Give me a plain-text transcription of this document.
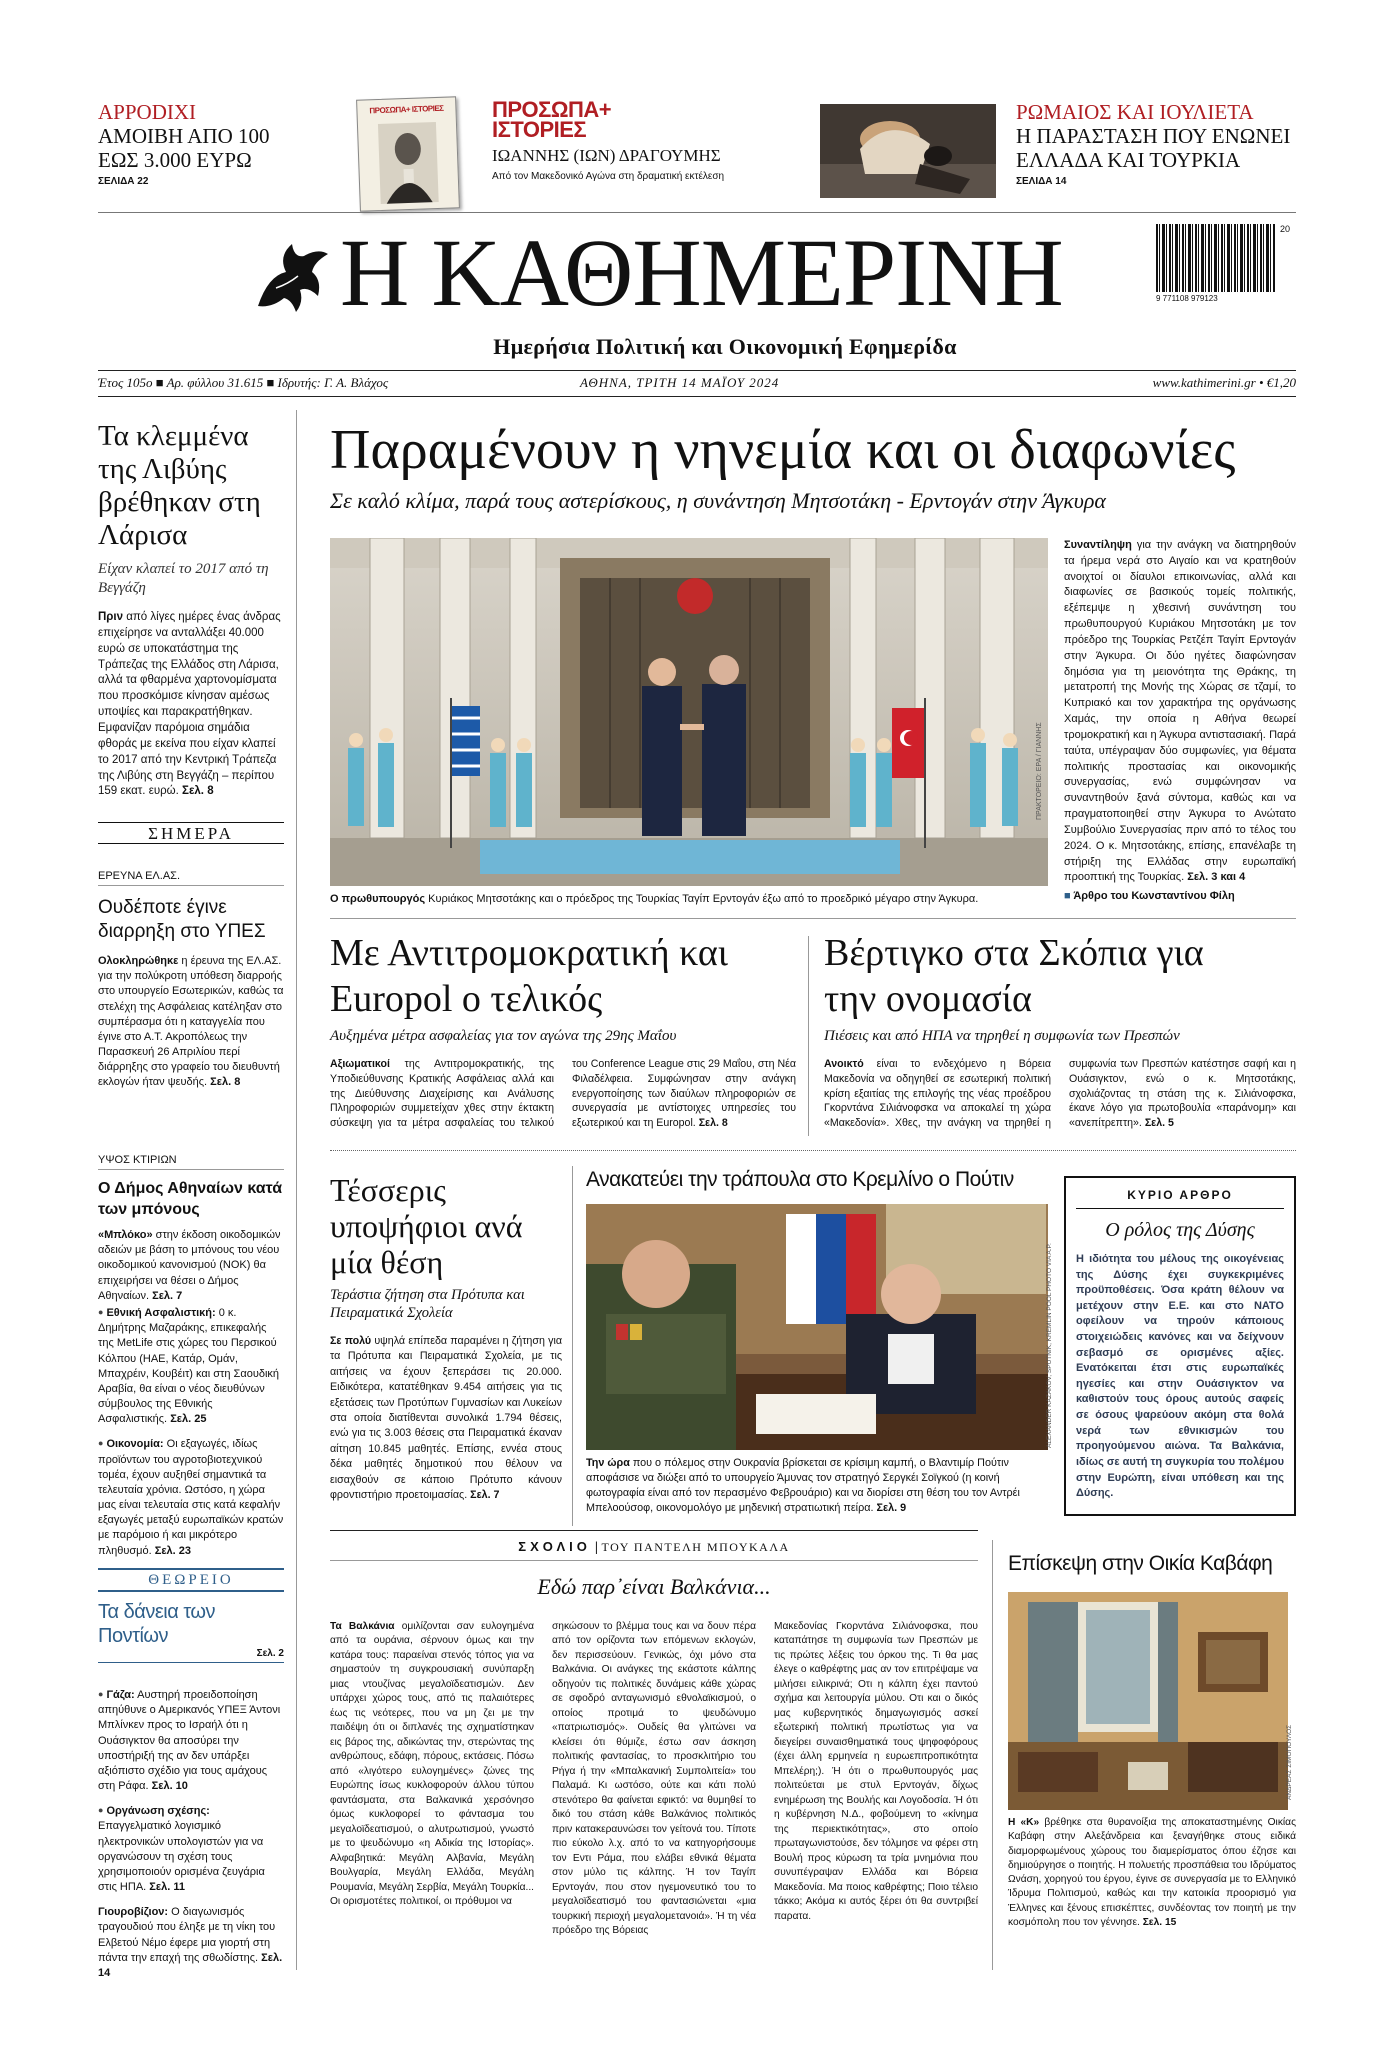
ΑΡΡΟDΙΧΙ
ΑΜΟΙΒΗ ΑΠΟ 100
ΕΩΣ 3.000 ΕΥΡΩ
ΣΕΛΙΔΑ 22
ΠΡΟΣΩΠΑ+ ΙΣΤΟΡΙΕΣ	ΠΡΟΣΩΠΑ+
ΙΣΤΟΡΙΕΣ
ΙΩΑΝΝΗΣ (ΙΩΝ) ΔΡΑΓΟΥΜΗΣ
Από τον Μακεδονικό Αγώνα στη δραματική εκτέλεση
ΡΩΜΑΙΟΣ ΚΑΙ ΙΟΥΛΙΕΤΑ
Η ΠΑΡΑΣΤΑΣΗ ΠΟΥ ΕΝΩΝΕΙ
ΕΛΛΑΔΑ ΚΑΙ ΤΟΥΡΚΙΑ
ΣΕΛΙΔΑ 14
Η ΚΑΘΗΜΕΡΙΝΗ
Ημερήσια Πολιτική και Οικονομική Εφημερίδα
9 771108 979123
20
Έτος 105ο ■ Αρ. φύλλου 31.615 ■ Ιδρυτής: Γ. Α. Βλάχος	ΑΘΗΝΑ, ΤΡΙΤΗ 14 ΜΑΪΟΥ 2024	www.kathimerini.gr • €1,20
Τα κλεμμένα της Λιβύης βρέθηκαν στη Λάρισα
Είχαν κλαπεί το 2017 από τη Βεγγάζη
Πριν από λίγες ημέρες ένας άνδρας επιχείρησε να ανταλλάξει 40.000 ευρώ σε υποκατάστημα της Τράπεζας της Ελλάδος στη Λάρισα, αλλά τα φθαρμένα χαρτονομίσματα που προσκόμισε κίνησαν αμέσως υποψίες και παρακρατήθηκαν. Εμφανίζαν παρόμοια σημάδια φθοράς με εκείνα που είχαν κλαπεί το 2017 από την Κεντρική Τράπεζα της Λιβύης στη Βεγγάζη – περίπου 159 εκατ. ευρώ. Σελ. 8
ΣΗΜΕΡΑ
ΕΡΕΥΝΑ ΕΛ.ΑΣ.
Ουδέποτε έγινε διαρρηξη στο ΥΠΕΣ
Ολοκληρώθηκε η έρευνα της ΕΛ.ΑΣ. για την πολύκροτη υπόθεση διαρροής στο υπουργείο Εσωτερικών, καθώς τα στελέχη της Ασφάλειας κατέληξαν στο συμπέρασμα ότι η καταγγελία που έγινε στο Α.Τ. Ακροπόλεως την Παρασκευή 26 Απριλίου περί διάρρηξης στο γραφείο του διευθυντή εκλογών ήταν ψευδής. Σελ. 8
ΥΨΟΣ ΚΤΙΡΙΩΝ
Ο Δήμος Αθηναίων κατά των μπόνους
«Μπλόκο» στην έκδοση οικοδομικών αδειών με βάση το μπόνους του νέου οικοδομικού κανονισμού (ΝΟΚ) θα επιχειρήσει να θέσει ο Δήμος Αθηναίων. Σελ. 7
● Εθνική Ασφαλιστική: 0 κ. Δημήτρης Μαζαράκης, επικεφαλής της MetLife στις χώρες του Περσικού Κόλπου (ΗΑΕ, Κατάρ, Ομάν, Μπαχρέιν, Κουβέιτ) και στη Σαουδική Αραβία, θα είναι ο νέος διευθύνων σύμβουλος της Εθνικής Ασφαλιστικής. Σελ. 25
● Οικονομία: Οι εξαγωγές, ιδίως προϊόντων του αγροτοβιοτεχνικού τομέα, έχουν αυξηθεί σημαντικά τα τελευταία χρόνια. Ωστόσο, η χώρα μας είναι τελευταία στις κατά κεφαλήν εξαγωγές μεταξύ ευρωπαϊκών κρατών με παρόμοιο ή και μικρότερο πληθυσμό. Σελ. 23
ΘΕΩΡΕΙΟ
Τα δάνεια των Ποντίων
Σελ. 2
● Γάζα: Αυστηρή προειδοποίηση απηύθυνε ο Αμερικανός ΥΠΕΞ Άντονι Μπλίνκεν προς το Ισραήλ ότι η Ουάσιγκτον θα αποσύρει την υποστήριξή της αν δεν υπάρξει αξιόπιστο σχέδιο για τους αμάχους στη Ράφα. Σελ. 10
● Οργάνωση σχέσης: Επαγγελματικό λογισμικό ηλεκτρονικών υπολογιστών για να οργανώσουν τη σχέση τους χρησιμοποιούν ορισμένα ζευγάρια στις ΗΠΑ. Σελ. 11
Γιουροβίζιον: Ο διαγωνισμός τραγουδιού που έληξε με τη νίκη του Ελβετού Νέμο έφερε μια γιορτή στη πάντα την επαχή της σθωδίστης. Σελ. 14
Παραμένουν η νηνεμία και οι διαφωνίες
Σε καλό κλίμα, παρά τους αστερίσκους, η συνάντηση Μητσοτάκη - Ερντογάν στην Άγκυρα
ΠΡΑΚΤΟΡΕΙΟ: EPA / ΓΙΑΝΝΗΣ
Ο πρωθυπουργός Κυριάκος Μητσοτάκης και ο πρόεδρος της Τουρκίας Ταγίπ Ερντογάν έξω από το προεδρικό μέγαρο στην Άγκυρα.
Συναντίληψη για την ανάγκη να διατηρηθούν τα ήρεμα νερά στο Αιγαίο και να κρατηθούν ανοιχτοί οι δίαυλοι επικοινωνίας, αλλά και διαφωνίες σε βασικούς τομείς πολιτικής, εξέπεμψε η χθεσινή συνάντηση του πρωθυπουργού Κυριάκου Μητσοτάκη με τον πρόεδρο της Τουρκίας Ρετζέπ Ταγίπ Ερντογάν στην Άγκυρα. Οι δύο ηγέτες διαφώνησαν δημόσια για τη μειονότητα της Θράκης, τη μετατροπή της Μονής της Χώρας σε τζαμί, το Κυπριακό και τον χαρακτήρα της οργάνωσης Χαμάς, την οποία η Αθήνα θεωρεί τρομοκρατική και η Άγκυρα αντιστασιακή. Παρά ταύτα, υπέγραψαν δύο συμφωνίες, για θέματα πολιτικής προστασίας και οικονομικής συνεργασίας, ενώ συμφώνησαν να συναντηθούν ξανά σύντομα, καθώς και να πραγματοποιηθεί στην Άγκυρα το Ανώτατο Συμβούλιο Συνεργασίας πριν από το τέλος του 2024. Ο κ. Μητσοτάκης, επίσης, επανέλαβε τη στήριξη της Ελλάδας στην ευρωπαϊκή προοπτική της Τουρκίας. Σελ. 3 και 4
■ Άρθρο του Κωνσταντίνου Φίλη
Με Αντιτρομοκρατική και Europol ο τελικός
Αυξημένα μέτρα ασφαλείας για τον αγώνα της 29ης Μαΐου
Αξιωματικοί της Αντιτρομοκρατικής, της Υποδιεύθυνσης Κρατικής Ασφάλειας αλλά και της Διεύθυνσης Διαχείρισης και Ανάλυσης Πληροφοριών συμμετείχαν χθες στην έκτακτη σύσκεψη για τα μέτρα ασφαλείας του τελικού του Conference League στις 29 Μαΐου, στη Νέα Φιλαδέλφεια. Συμφώνησαν στην ανάγκη ενεργοποίησης των διαύλων πληροφοριών σε συνεργασία με αντίστοιχες υπηρεσίες του εξωτερικού και τη Europol. Σελ. 8
Βέρτιγκο στα Σκόπια για την ονομασία
Πιέσεις και από ΗΠΑ να τηρηθεί η συμφωνία των Πρεσπών
Ανοικτό είναι το ενδεχόμενο η Βόρεια Μακεδονία να οδηγηθεί σε εσωτερική πολιτική κρίση εξαιτίας της επιλογής της νέας προέδρου Γκορντάνα Σιλιάνοφσκα να αποκαλεί τη χώρα «Μακεδονία». Χθες, την ανάγκη να τηρηθεί η συμφωνία των Πρεσπών κατέστησε σαφή και η Ουάσιγκτον, ενώ ο κ. Μητσοτάκης, σχολιάζοντας τη στάση της κ. Σιλιάνοφσκα, έκανε λόγο για πρωτοβουλία «παράνομη» και «ανεπίτρεπτη». Σελ. 5
Τέσσερις υποψήφιοι ανά μία θέση
Τεράστια ζήτηση στα Πρότυπα και Πειραματικά Σχολεία
Σε πολύ υψηλά επίπεδα παραμένει η ζήτηση για τα Πρότυπα και Πειραματικά Σχολεία, με τις αιτήσεις να έχουν ξεπεράσει τις 20.000. Ειδικότερα, κατατέθηκαν 9.454 αιτήσεις για τις εξετάσεις των Προτύπων Γυμνασίων και Λυκείων στα οποία διατίθενται συνολικά 1.794 θέσεις, ενώ για τις 3.003 θέσεις στα Πειραματικά έκαναν αίτηση 10.845 μαθητές. Επίσης, εννέα στους δέκα μαθητές δημοτικού που θέλουν να εισαχθούν σε κάποιο Πρότυπο κάνουν φροντιστήριο προετοιμασίας. Σελ. 7
Ανακατεύει την τράπουλα στο Κρεμλίνο ο Πούτιν
ALEXANDER KAZAKOV, SPUTNIK, KREMLIN POOL PHOTO VIA A.P.
Την ώρα που ο πόλεμος στην Ουκρανία βρίσκεται σε κρίσιμη καμπή, ο Βλαντιμίρ Πούτιν αποφάσισε να διώξει από το υπουργείο Άμυνας τον στρατηγό Σεργκέι Σοϊγκού (η κοινή φωτογραφία είναι από τον περασμένο Φεβρουάριο) και να διορίσει στη θέση του τον Αντρέι Μπελοούσοφ, οικονομολόγο με μηδενική στρατιωτική πείρα. Σελ. 9
ΚΥΡΙΟ ΑΡΘΡΟ
Ο ρόλος της Δύσης
Η ιδιότητα του μέλους της οικογένειας της Δύσης έχει συγκεκριμένες προϋποθέσεις. Όσα κράτη θέλουν να μετέχουν στην Ε.Ε. και στο ΝΑΤΟ οφείλουν να τηρούν κάποιους στοιχειώδεις κανόνες και να δείχνουν σεβασμό σε ορισμένες αξίες. Ενατόκειται έτσι στις ευρωπαϊκές ηγεσίες και στην Ουάσιγκτον να καθιστούν τους όρους αυτούς σαφείς σε όσους ψαρεύουν ακόμη στα θολά νερά των εθνικισμών του προηγούμενου αιώνα. Τα Βαλκάνια, ιδίως σε αυτή τη συγκυρία του πολέμου στην Ευρώπη, είναι υπόθεση και της Δύσης.
ΣΧΟΛΙΟ | ΤΟΥ ΠΑΝΤΕΛΗ ΜΠΟΥΚΑΛΑ
Εδώ παρ᾽είναι Βαλκάνια...
Τα Βαλκάνια ομιλίζονται σαν ευλογημένα από τα ουράνια, σέρνουν όμως και την κατάρα τους: παραείναι στενός τόπος για να σημαστούν τη συγκρουσιακή συνύπαρξη μιας ντουζίνας μεγαλοϊδεατισμών. Δεν υπάρχει χώρος τους, από τις παλαιότερες έως τις νεότερες, που να μη ζει με την παιδέψη ότι οι διπλανές της σχηματίστηκαν εις βάρος της, αδικώντας την, στερώντας της ανθρώπους, εδάφη, πόρους, εκτάσεις. Πόσω από «λιγότερο ευλογημένες» ζώνες της Ευρώπης ίσως κυκλοφορούν άλλου τύπου φαντάσματα, στα Βαλκανικά χερσόνησο όμως κυκλοφορεί το φάντασμα του μεγαλοϊδεατισμού, ο αλυτρωτισμού, γνωστό με το ψευδώνυμο «η Αδικία της Ιστορίας». Αλφαβητικά: Μεγάλη Αλβανία, Μεγάλη Βουλγαρία, Μεγάλη Ελλάδα, Μεγάλη Ρουμανία, Μεγάλη Σερβία, Μεγάλη Τουρκία... Οι ορισμοτέτες πολιτικοί, οι πρόθυμοι να
σηκώσουν το βλέμμα τους και να δουν πέρα από τον ορίζοντα των επόμενων εκλογών, δεν περισσεύουν. Γενικώς, όχι μόνο στα Βαλκάνια. Οι ανάγκες της εκάστοτε κάλπης οδηγούν τις πολιτικές δυνάμεις κάθε χώρας σε σφοδρό ανταγωνισμό εθνολαϊκισμού, ο οποίος προτιμά το ψευδώνυμο «πατριωτισμός». Ουδείς θα γλιτώνει να κλείσει ότι θύμιζε, έστω σαν άσκηση πολιτικής φαντασίας, το προσκλιτήριο του Ρήγα ή την «Μπαλκανική Συμπολιτεία» του Παλαμά. Κι ωστόσο, ούτε και κάτι πολύ στενότερο θα φαίνεται εφικτό: να θυμηθεί το δικό του στάση κάθε Βαλκάνιος πολιτικός πριν κατακεραυνώσει τον γείτονά του. Τίποτε πιο εύκολο λ.χ. από το να κατηγορήσουμε τον Εντι Ράμα, που ελάβει εθνικά θέματα στον μύλο τις κάλπης. Ή τον Ταγίπ Ερντογάν, που στον ηγεμονευτικό του το μεγαλοϊδεατισμό του φαντασιώνεται «μια τουρκική περιοχή μεγαλομετανοιά». Ή τη νέα πρόεδρο της Βόρειας
Μακεδονίας Γκορντάνα Σιλιάνοφσκα, που καταπάτησε τη συμφωνία των Πρεσπών με τις πρώτες λέξεις του όρκου της. Τι θα μας έλεγε ο καθρέφτης μας αν τον επιτρέψαμε να μιλήσει ειλικρινά; Οτι η κάλπη έχει παντού σχήμα και λειτουργία μύλου. Οτι και ο δικός μας κυβερνητικός δημαγωγισμός ασκεί εξωτερική πολιτική πρωτίστως για να διεγείρει συναισθηματικά τους ψηφοφόρους (έχει άλλη ερμηνεία η ευρωεπιτροπικότητα Μπελέρη;). Ή ότι ο πρωθυπουργός μας πολιτεύεται με στυλ Ερντογάν, δίχως ενημέρωση της Βουλής και Λογοδοσία. Ή ότι η κυβέρνηση Ν.Δ., φοβούμενη το «κίνημα της περιεκτικότητας», στο οποίο πρωταγωνιστούσε, δεν τόλμησε να φέρει στη Βουλή προς κύρωση τα τρία μνημόνια που συνυπέγραψαν Ελλάδα και Βόρεια Μακεδονία. Μα ποιος καθρέφτης; Ποιο τέλειο τάκκο; Ακόμα κι αυτός ξέρει ότι θα συντριβεί παρατα.
Επίσκεψη στην Οικία Καβάφη
ΑΝΔΡΕΑΣ ΣΙΜΟΠΟΥΛΟΣ
Η «Κ» βρέθηκε στα θυρανοίξια της αποκαταστημένης Οικίας Καβάφη στην Αλεξάνδρεια και ξεναγήθηκε στους ειδικά διαμορφωμένους χώρους του διαμερίσματος όπου έζησε και δημιούργησε ο ποιητής. Η πολυετής προσπάθεια του Ιδρύματος Ωνάση, χορηγού του έργου, έγινε σε συνεργασία με το Ελληνικό Ίδρυμα Πολιτισμού, καθώς και την κατοικία προορισμό για Έλληνες και ξένους επισκέπτες, συνδέοντας τον ποιητή με την κοσμόπολη που τον γέννησε. Σελ. 15
